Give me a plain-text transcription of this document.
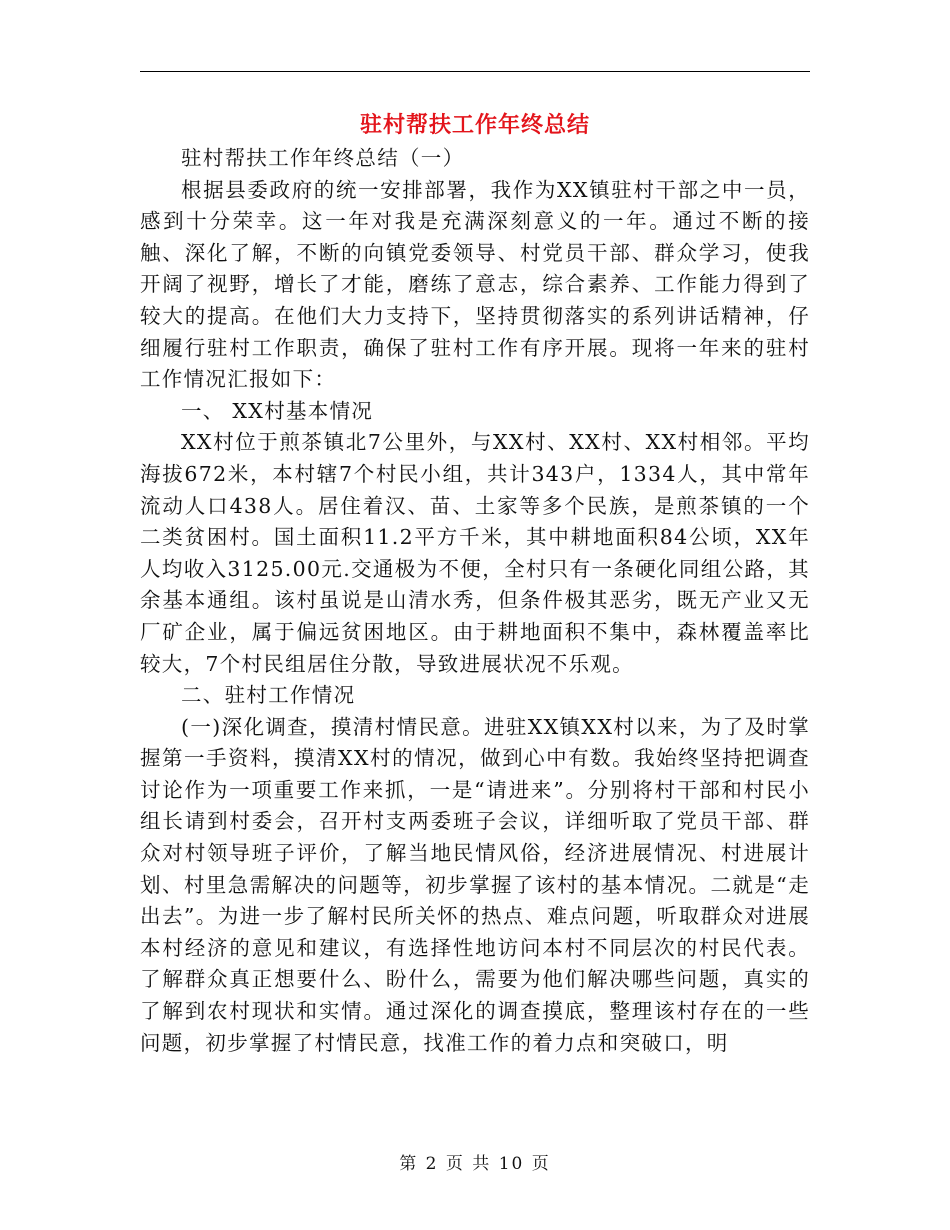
驻村帮扶工作年终总结

驻村帮扶工作年终总结（一）

根据县委政府的统一安排部署，我作为XX镇驻村干部之中一员，感到十分荣幸。这一年对我是充满深刻意义的一年。通过不断的接触、深化了解，不断的向镇党委领导、村党员干部、群众学习，使我开阔了视野，增长了才能，磨练了意志，综合素养、工作能力得到了较大的提高。在他们大力支持下，坚持贯彻落实的系列讲话精神，仔细履行驻村工作职责，确保了驻村工作有序开展。现将一年来的驻村工作情况汇报如下：

一、 XX村基本情况

XX村位于煎茶镇北7公里外，与XX村、XX村、XX村相邻。平均海拔672米，本村辖7个村民小组，共计343户，1334人，其中常年流动人口438人。居住着汉、苗、土家等多个民族，是煎茶镇的一个二类贫困村。国土面积11.2平方千米，其中耕地面积84公顷，XX年人均收入3125.00元.交通极为不便，全村只有一条硬化同组公路，其余基本通组。该村虽说是山清水秀，但条件极其恶劣，既无产业又无厂矿企业，属于偏远贫困地区。由于耕地面积不集中，森林覆盖率比较大，7个村民组居住分散，导致进展状况不乐观。

二、驻村工作情况

(一)深化调查，摸清村情民意。进驻XX镇XX村以来，为了及时掌握第一手资料，摸清XX村的情况，做到心中有数。我始终坚持把调查讨论作为一项重要工作来抓，一是“请进来”。分别将村干部和村民小组长请到村委会，召开村支两委班子会议，详细听取了党员干部、群众对村领导班子评价，了解当地民情风俗，经济进展情况、村进展计划、村里急需解决的问题等，初步掌握了该村的基本情况。二就是“走出去”。为进一步了解村民所关怀的热点、难点问题，听取群众对进展本村经济的意见和建议，有选择性地访问本村不同层次的村民代表。了解群众真正想要什么、盼什么，需要为他们解决哪些问题，真实的了解到农村现状和实情。通过深化的调查摸底，整理该村存在的一些问题，初步掌握了村情民意，找准工作的着力点和突破口，明

第 2 页 共 10 页
